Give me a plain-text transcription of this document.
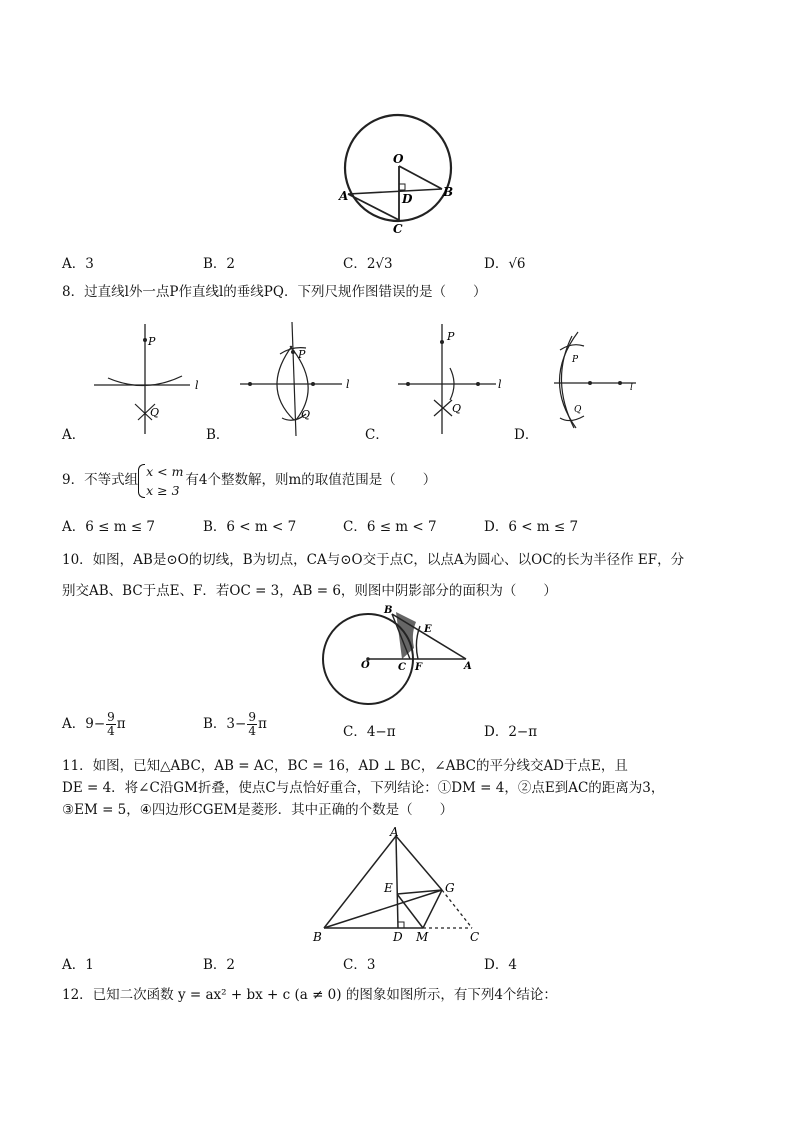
O
A	B
D
C
A．3	B．2	C．2√3	D．√6
8．过直线l外一点P作直线l的垂线PQ．下列尺规作图错误的是（　　）
P
Q
l
P
Q
l
P
Q
l
P
Q
l
A．	B．	C．	D．
9．不等式组
x < m
x ≥ 3
有4个整数解，则m的取值范围是（　　）
A．6 ≤ m ≤ 7	B．6 < m < 7	C．6 ≤ m < 7	D．6 < m ≤ 7
10．如图，AB是⊙O的切线，B为切点，CA与⊙O交于点C，以点A为圆心、以OC的长为半径作 EF，分
别交AB、BC于点E、F．若OC = 3，AB = 6，则图中阴影部分的面积为（　　）
B
E
O	C F	A
A．$9- \frac{9}{4}$ π	B．$3- \frac{9}{4}$ π	C．4−π	D．2−π
11．如图，已知△ABC，AB = AC，BC = 16，AD ⊥ BC，∠ABC的平分线交AD于点E，且
DE = 4．将∠C沿GM折叠，使点C与点恰好重合，下列结论：①DM = 4，②点E到AC的距离为3，
③EM = 5，④四边形CGEM是菱形．其中正确的个数是（　　）
A
E	G
B	D M	C
A．1	B．2	C．3	D．4
12．已知二次函数 y = ax² + bx + c (a ≠ 0) 的图象如图所示，有下列4个结论：
